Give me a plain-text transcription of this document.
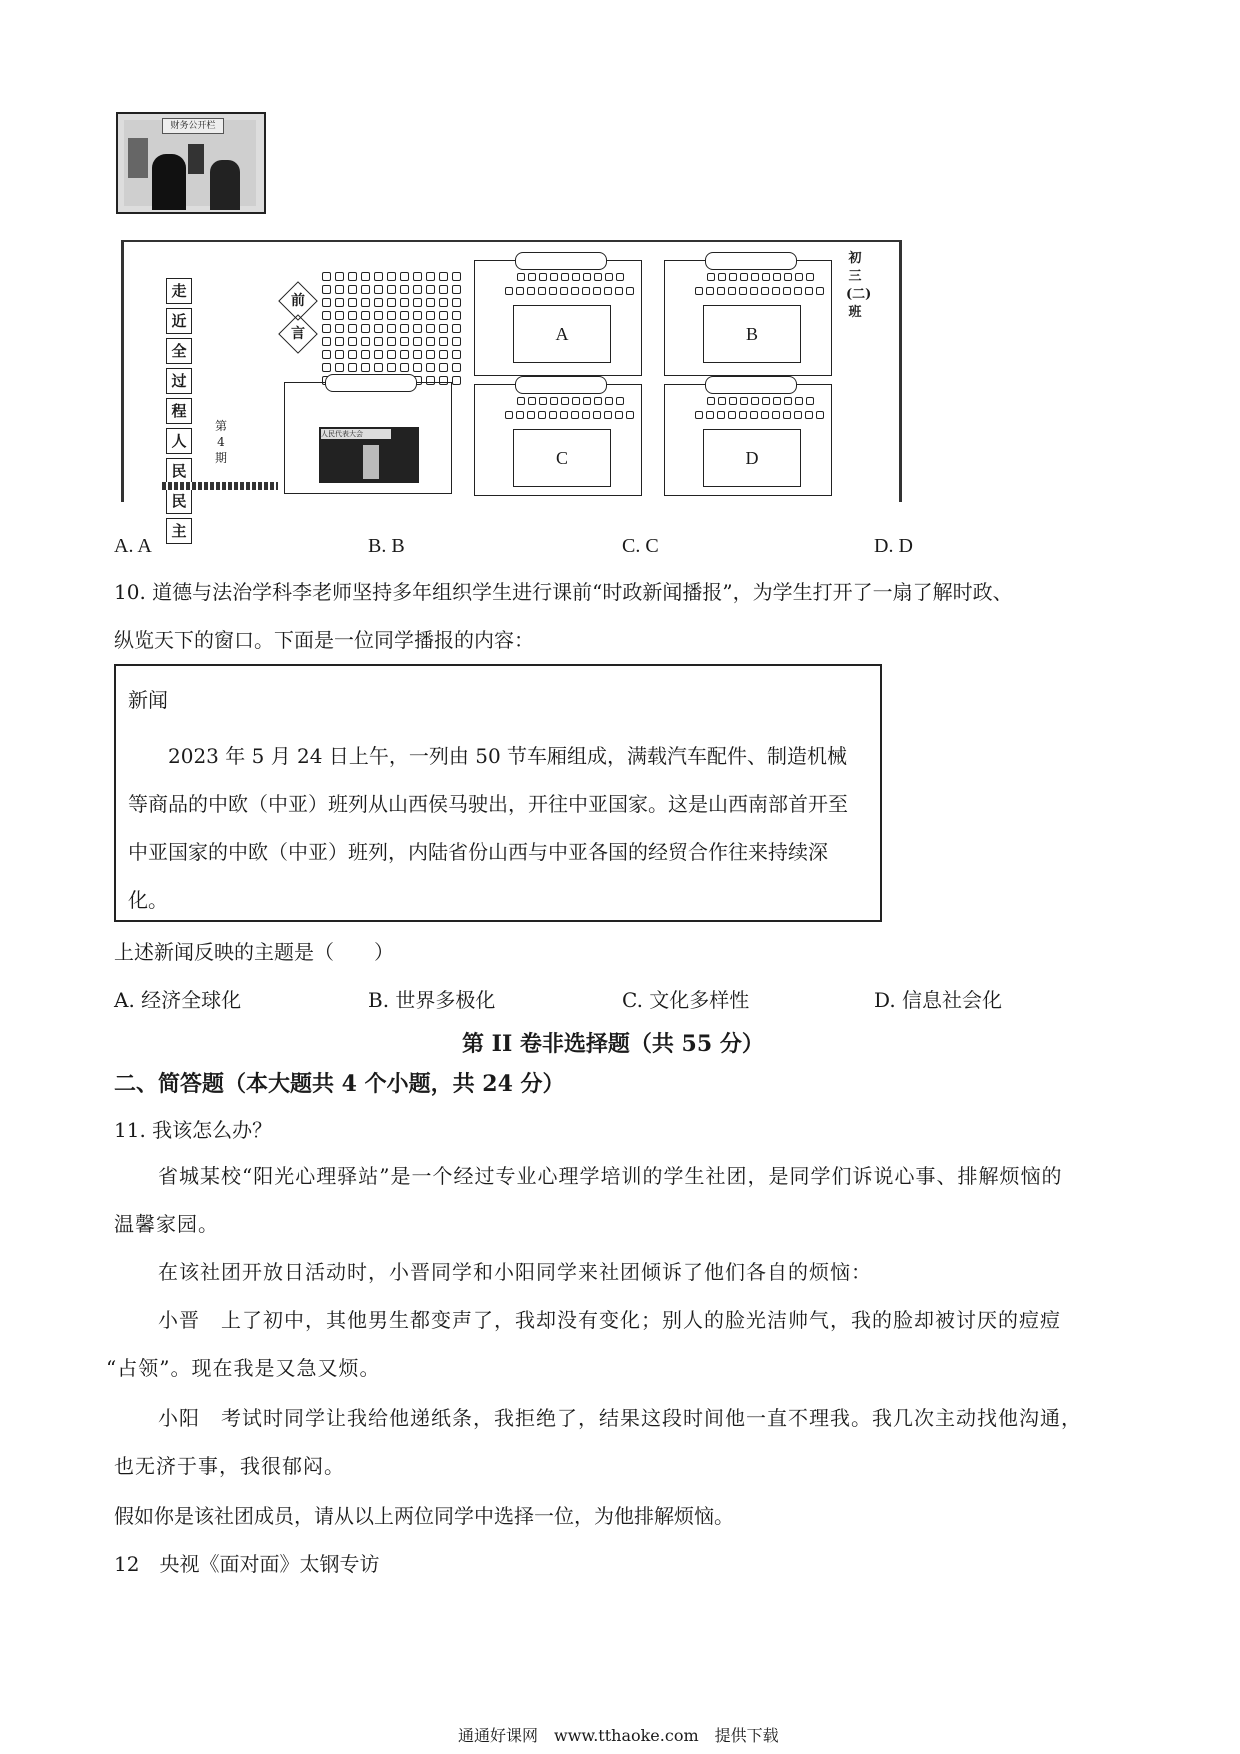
财务公开栏
走
近
全
过
程
人
民
民
主
第4期
前
言	A	B
人民代表大会
C	D
初三(二)班
A. A	B. B	C. C	D. D
10. 道德与法治学科李老师坚持多年组织学生进行课前“时政新闻播报”，为学生打开了一扇了解时政、
纵览天下的窗口。下面是一位同学播报的内容：
新闻
2023 年 5 月 24 日上午，一列由 50 节车厢组成，满载汽车配件、制造机械等商品的中欧（中亚）班列从山西侯马驶出，开往中亚国家。这是山西南部首开至中亚国家的中欧（中亚）班列，内陆省份山西与中亚各国的经贸合作往来持续深化。
上述新闻反映的主题是（　　）
A. 经济全球化	B. 世界多极化	C. 文化多样性	D. 信息社会化
第 II 卷非选择题（共 55 分）
二、简答题（本大题共 4 个小题，共 24 分）
11. 我该怎么办？
省城某校“阳光心理驿站”是一个经过专业心理学培训的学生社团，是同学们诉说心事、排解烦恼的
温馨家园。
在该社团开放日活动时，小晋同学和小阳同学来社团倾诉了他们各自的烦恼：
小晋　上了初中，其他男生都变声了，我却没有变化；别人的脸光洁帅气，我的脸却被讨厌的痘痘
“占领”。现在我是又急又烦。
小阳　考试时同学让我给他递纸条，我拒绝了，结果这段时间他一直不理我。我几次主动找他沟通，
也无济于事，我很郁闷。
假如你是该社团成员，请从以上两位同学中选择一位，为他排解烦恼。
12　央视《面对面》太钢专访
通通好课网　www.tthaoke.com　提供下载
